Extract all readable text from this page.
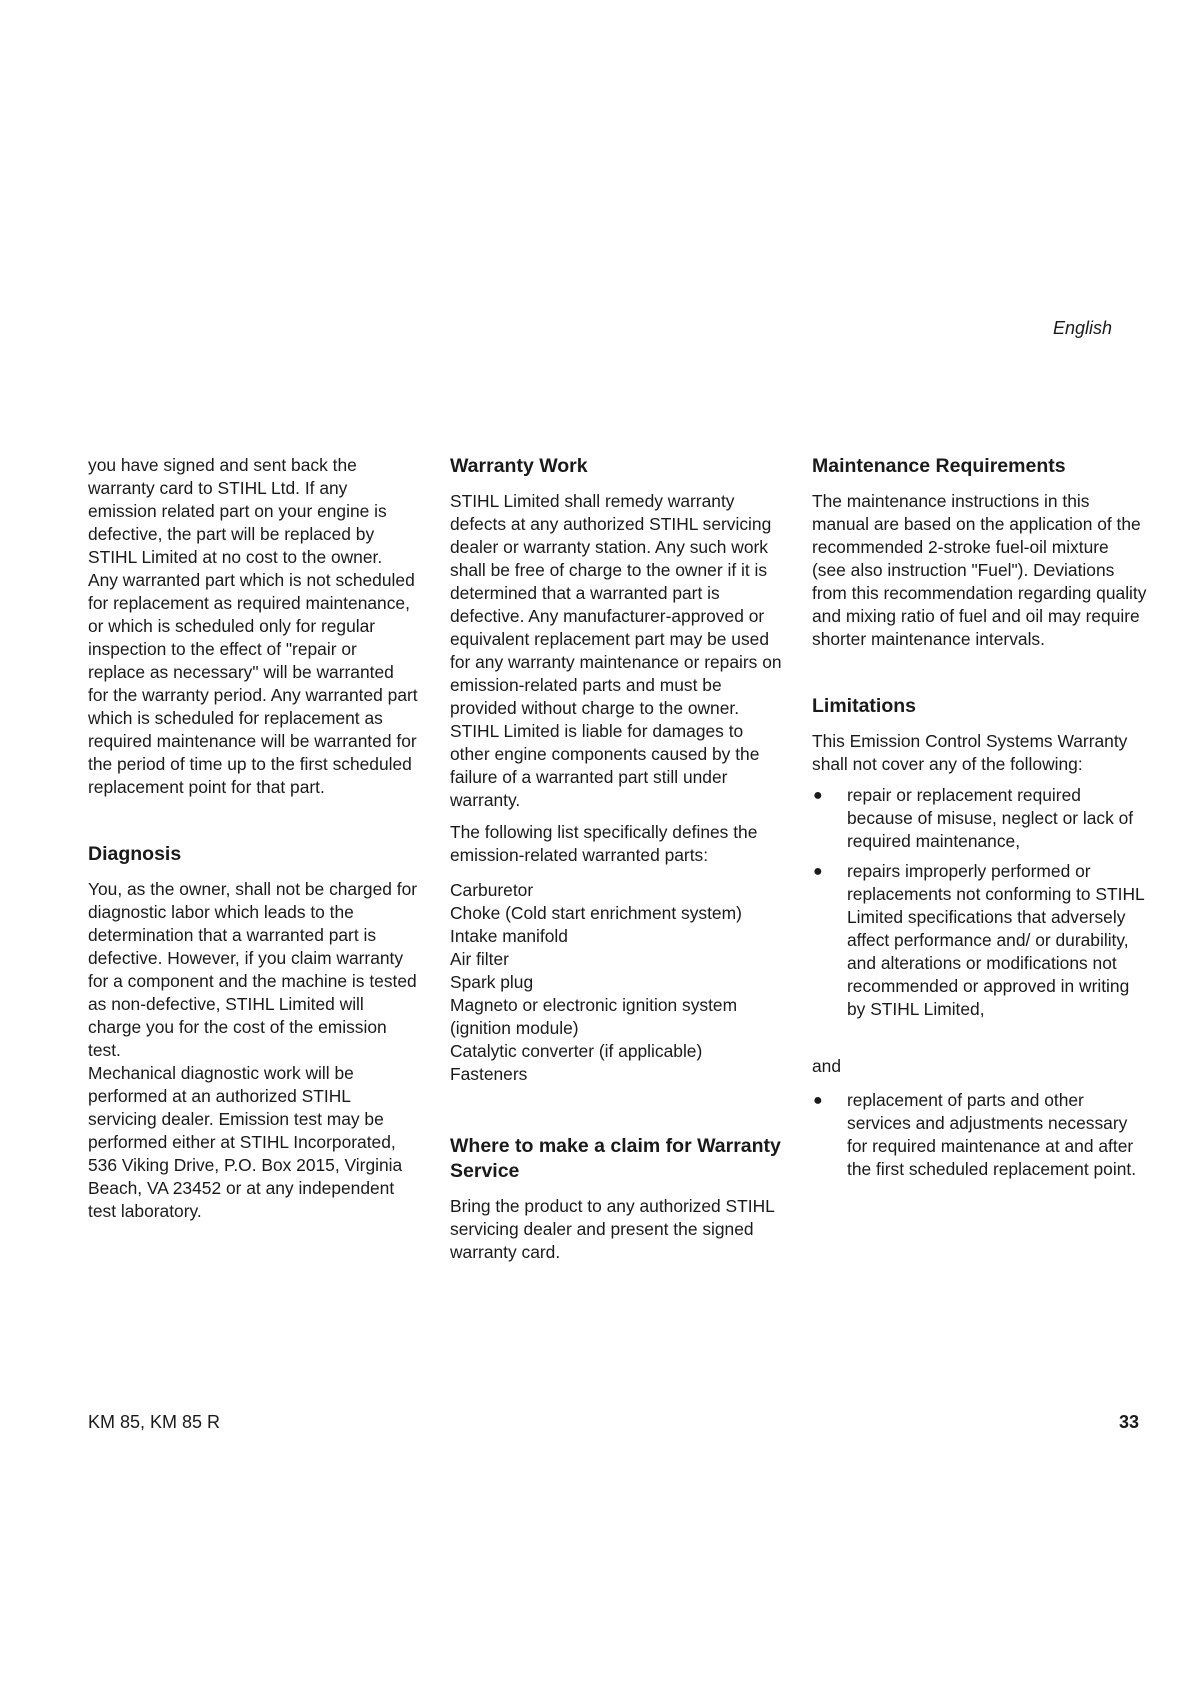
English

you have signed and sent back the warranty card to STIHL Ltd. If any emission related part on your engine is defective, the part will be replaced by STIHL Limited at no cost to the owner.

Any warranted part which is not scheduled for replacement as required maintenance, or which is scheduled only for regular inspection to the effect of "repair or replace as necessary" will be warranted for the warranty period. Any warranted part which is scheduled for replacement as required maintenance will be warranted for the period of time up to the first scheduled replacement point for that part.

Diagnosis

You, as the owner, shall not be charged for diagnostic labor which leads to the determination that a warranted part is defective. However, if you claim warranty for a component and the machine is tested as non-defective, STIHL Limited will charge you for the cost of the emission test.

Mechanical diagnostic work will be performed at an authorized STIHL servicing dealer. Emission test may be performed either at STIHL Incorporated,

536 Viking Drive, P.O. Box 2015, Virginia Beach, VA 23452 or at any independent test laboratory.

Warranty Work

STIHL Limited shall remedy warranty defects at any authorized STIHL servicing dealer or warranty station. Any such work shall be free of charge to the owner if it is determined that a warranted part is defective. Any manufacturer-approved or equivalent replacement part may be used for any warranty maintenance or repairs on emission-related parts and must be provided without charge to the owner. STIHL Limited is liable for damages to other engine components caused by the failure of a warranted part still under warranty.

The following list specifically defines the emission-related warranted parts:

Carburetor
Choke (Cold start enrichment system)
Intake manifold
Air filter
Spark plug
Magneto or electronic ignition system (ignition module)
Catalytic converter (if applicable)
Fasteners
Where to make a claim for Warranty Service

Bring the product to any authorized STIHL servicing dealer and present the signed warranty card.

Maintenance Requirements

The maintenance instructions in this manual are based on the application of the recommended 2-stroke fuel-oil mixture (see also instruction "Fuel"). Deviations from this recommendation regarding quality and mixing ratio of fuel and oil may require shorter maintenance intervals.

Limitations

This Emission Control Systems Warranty shall not cover any of the following:

● repair or replacement required because of misuse, neglect or lack of required maintenance,
● repairs improperly performed or replacements not conforming to STIHL Limited specifications that adversely affect performance and/ or durability, and alterations or modifications not recommended or approved in writing by STIHL Limited,

and

● replacement of parts and other services and adjustments necessary for required maintenance at and after the first scheduled replacement point.
KM 85, KM 85 R	33
